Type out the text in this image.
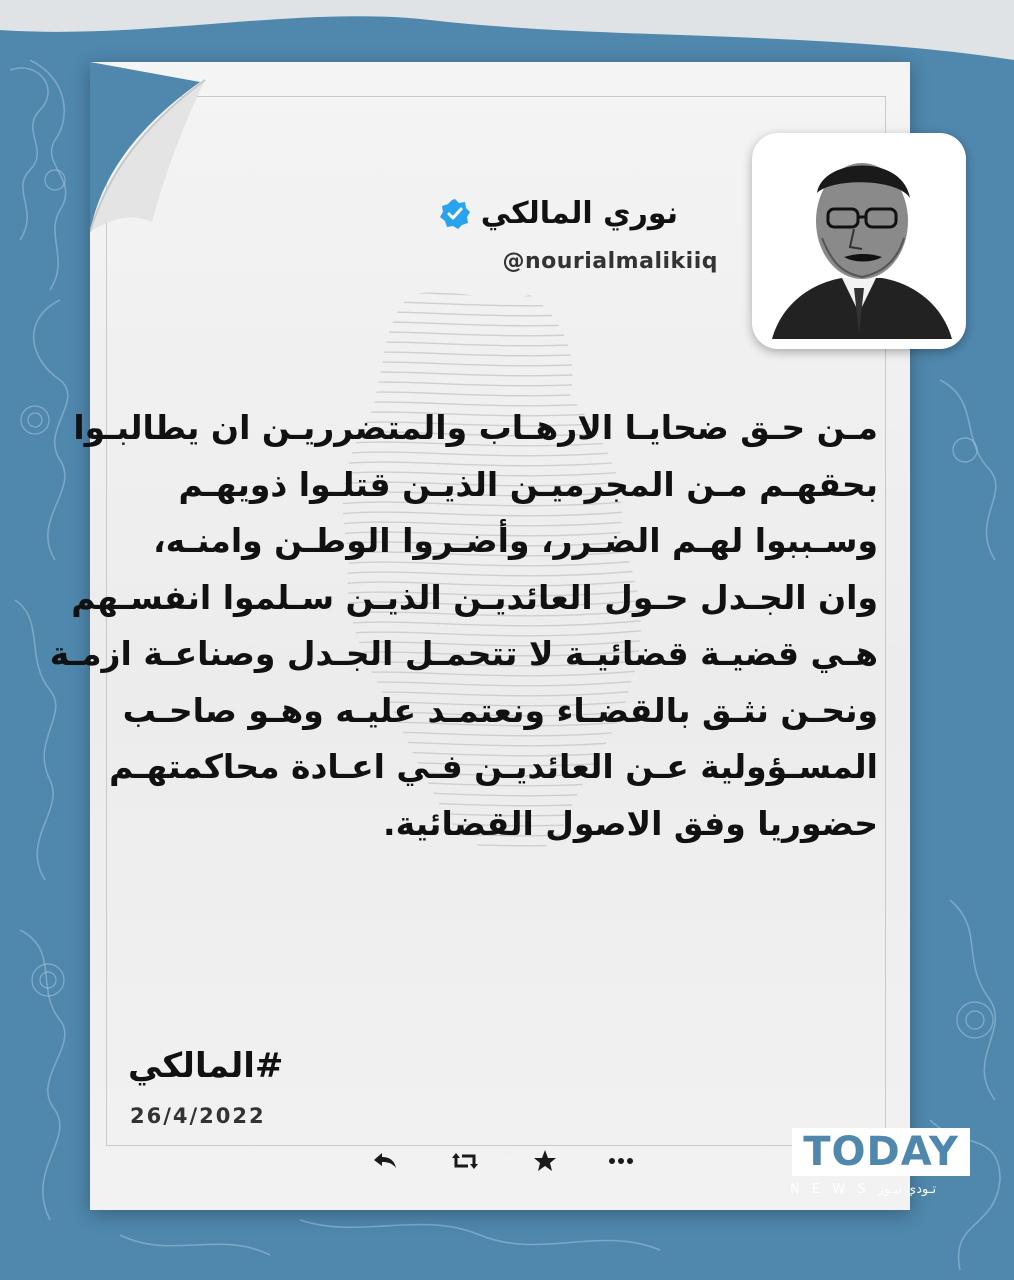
نوري المالكي
@nourialmalikiiq
مـن حـق ضحايـا الارهـاب والمتضرريـن ان يطالبـوا
بحقهـم مـن المجرميـن الذيـن قتلـوا ذويهـم
وسـببوا لهـم الضـرر، وأضـروا الوطـن وامنـه،
وان الجـدل حـول العائديـن الذيـن سـلموا انفسـهم
هـي قضيـة قضائيـة لا تتحمـل الجـدل وصناعـة ازمـة
ونحـن نثـق بالقضـاء ونعتمـد عليـه وهـو صاحـب
المسـؤولية عـن العائديـن فـي اعـادة محاكمتهـم
حضوريا وفق الاصول القضائية.
#المالكي
26/4/2022
TODAY
N E W S تـودي نيـوز
